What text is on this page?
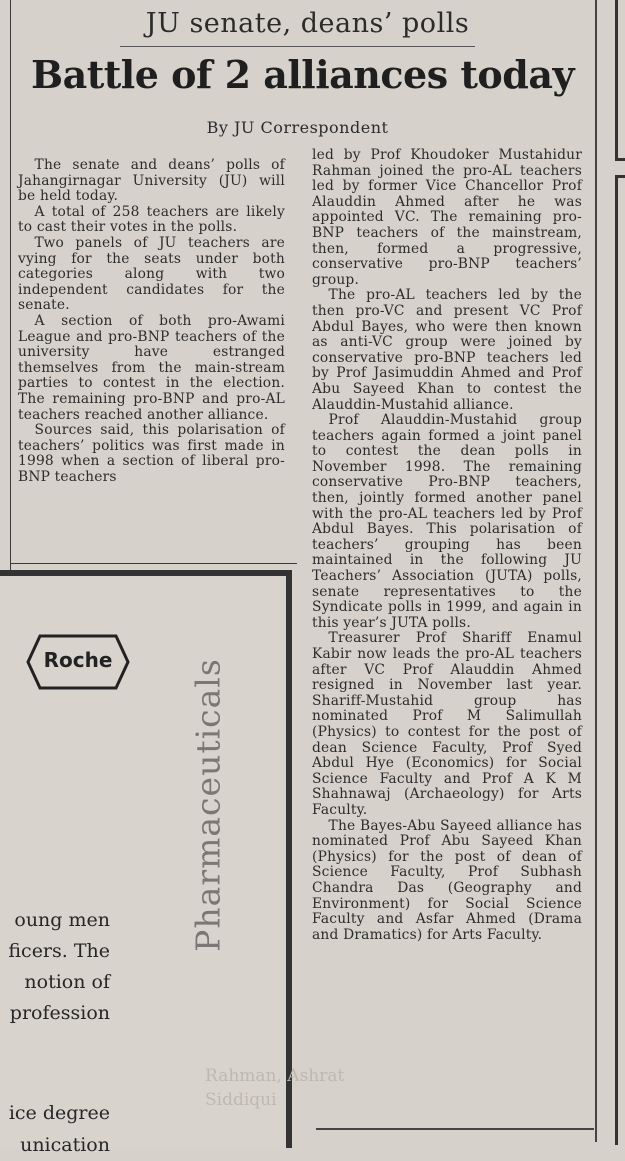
JU senate, deans’ polls
Battle of 2 alliances today
By JU Correspondent

The senate and deans’ polls of Jahangirnagar University (JU) will be held today.

A total of 258 teachers are likely to cast their votes in the polls.

Two panels of JU teachers are vying for the seats under both categories along with two independent candidates for the senate.

A section of both pro-Awami League and pro-BNP teachers of the university have estranged themselves from the main-stream parties to contest in the election. The remaining pro-BNP and pro-AL teachers reached another alliance.

Sources said, this polarisation of teachers’ politics was first made in 1998 when a section of liberal pro-BNP teachers

led by Prof Khoudoker Mustahidur Rahman joined the pro-AL teachers led by former Vice Chancellor Prof Alauddin Ahmed after he was appointed VC. The remaining pro-BNP teachers of the mainstream, then, formed a progressive, conservative pro-BNP teachers’ group.

The pro-AL teachers led by the then pro-VC and present VC Prof Abdul Bayes, who were then known as anti-VC group were joined by conservative pro-BNP teachers led by Prof Jasimuddin Ahmed and Prof Abu Sayeed Khan to contest the Alauddin-Mustahid alliance.

Prof Alauddin-Mustahid group teachers again formed a joint panel to contest the dean polls in November 1998. The remaining conservative Pro-BNP teachers, then, jointly formed another panel with the pro-AL teachers led by Prof Abdul Bayes. This polarisation of teachers’ grouping has been maintained in the following JU Teachers’ Association (JUTA) polls, senate representatives to the Syndicate polls in 1999, and again in this year’s JUTA polls.

Treasurer Prof Shariff Enamul Kabir now leads the pro-AL teachers after VC Prof Alauddin Ahmed resigned in November last year. Shariff-Mustahid group has nominated Prof M Salimullah (Physics) to contest for the post of dean Science Faculty, Prof Syed Abdul Hye (Economics) for Social Science Faculty and Prof A K M Shahnawaj (Archaeology) for Arts Faculty.

The Bayes-Abu Sayeed alliance has nominated Prof Abu Sayeed Khan (Physics) for the post of dean of Science Faculty, Prof Subhash Chandra Das (Geography and Environment) for Social Science Faculty and Asfar Ahmed (Drama and Dramatics) for Arts Faculty.

Roche	Pharmaceuticals
oung men
ficers. The
notion of
profession
ice degree
unication
Rahman, Ashrat
Siddiqui
